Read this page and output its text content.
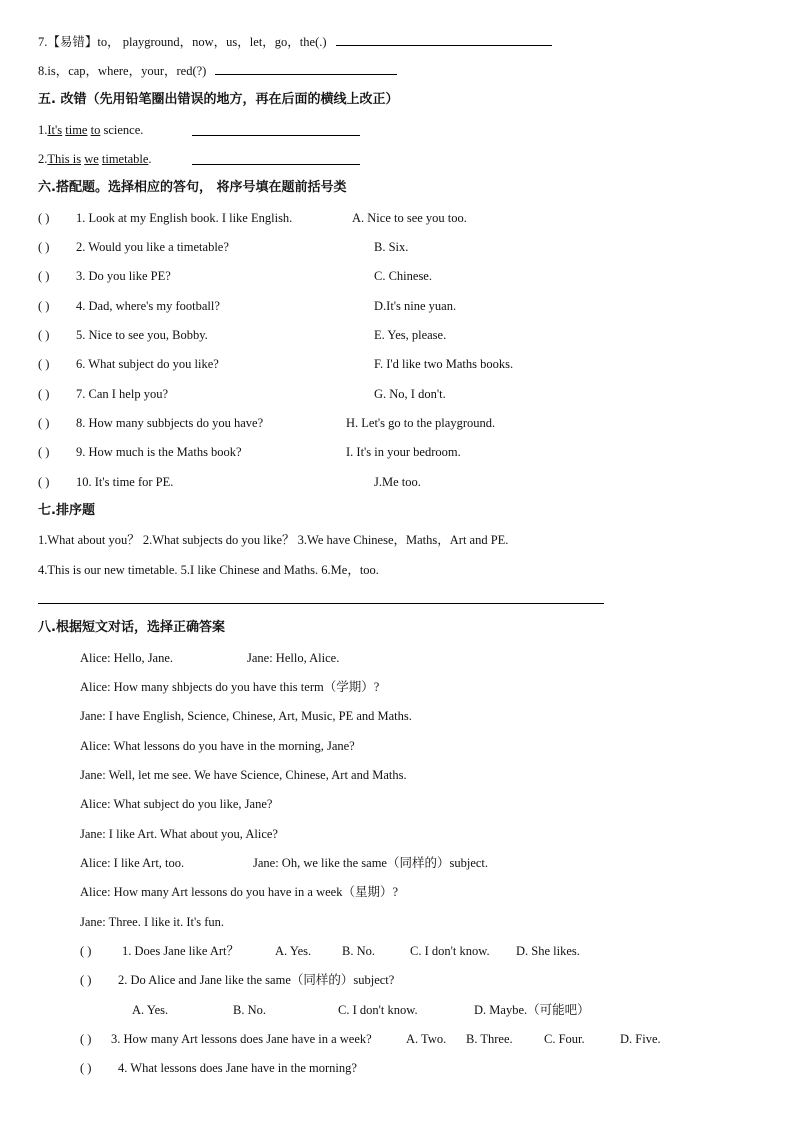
7.【易错】to， playground，now，us，let，go，the(.)
8.is，cap，where，your，red(?)
五. 改错（先用铅笔圈出错误的地方，再在后面的横线上改正）
1.It's time to science.
2.This is we timetable.
六.搭配题。选择相应的答句， 将序号填在题前括号类
( ) 1. Look at my English book. I like English.	A. Nice to see you too.
( ) 2. Would you like a timetable?	B. Six.
( ) 3. Do you like PE?	C. Chinese.
( ) 4. Dad, where's my football?	D.It's nine yuan.
( ) 5. Nice to see you, Bobby.	E. Yes, please.
( ) 6. What subject do you like?	F. I'd like two Maths books.
( ) 7. Can I help you?	G. No, I don't.
( ) 8. How many subbjects do you have?	H. Let's go to the playground.
( ) 9. How much is the Maths book?	I. It's in your bedroom.
( ) 10. It's time for PE.	J.Me too.
七.排序题
1.What about you？ 2.What subjects do you like？ 3.We have Chinese，Maths，Art and PE.
4.This is our new timetable. 5.I like Chinese and Maths. 6.Me，too.
八.根据短文对话，选择正确答案
Alice: Hello, Jane.	Jane: Hello, Alice.
Alice: How many shbjects do you have this term（学期）?
Jane: I have English, Science, Chinese, Art, Music, PE and Maths.
Alice: What lessons do you have in the morning, Jane?
Jane: Well, let me see. We have Science, Chinese, Art and Maths.
Alice: What subject do you like, Jane?
Jane: I like Art. What about you, Alice?
Alice: I like Art, too.	Jane: Oh, we like the same（同样的）subject.
Alice: How many Art lessons do you have in a week（星期）?
Jane: Three. I like it. It's fun.
( ) 1. Does Jane like Art？	A. Yes. B. No.	C. I don't know. D. She likes.
( ) 2. Do Alice and Jane like the same（同样的）subject?
A. Yes.	B. No.	C. I don't know.	D. Maybe.（可能吧）
( ) 3. How many Art lessons does Jane have in a week?	A. Two. B. Three.	C. Four.	D. Five.
( ) 4. What lessons does Jane have in the morning?
